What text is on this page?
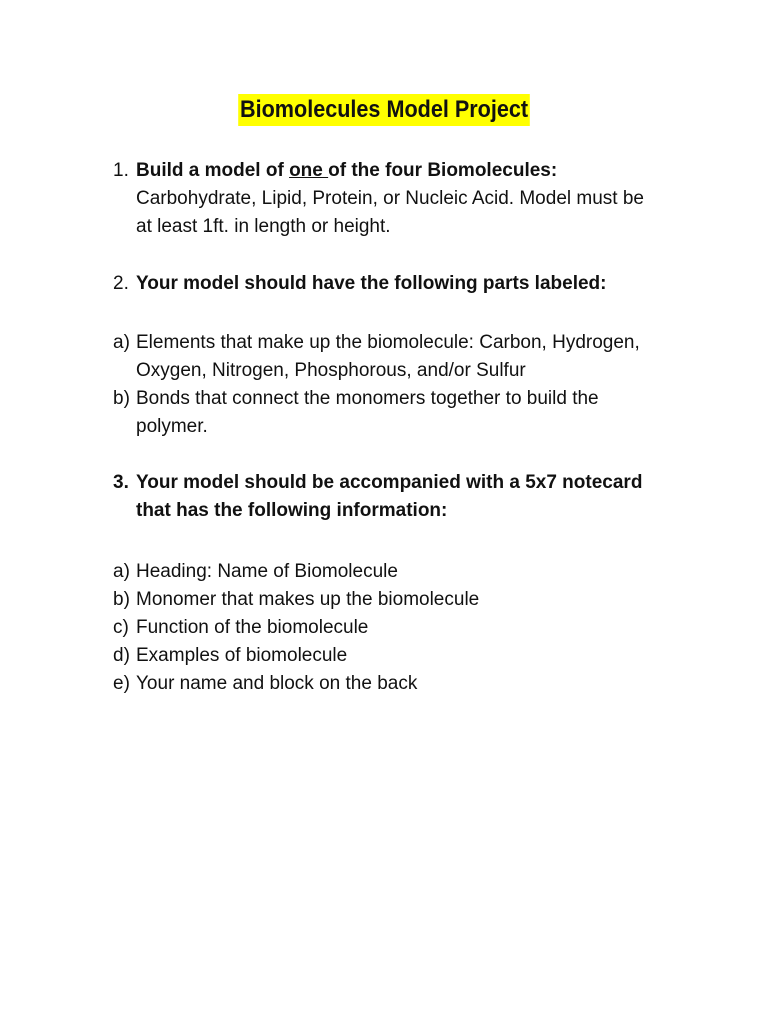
Biomolecules Model Project
1. Build a model of one of the four Biomolecules:
Carbohydrate, Lipid, Protein, or Nucleic Acid. Model must be
at least 1ft. in length or height.
2. Your model should have the following parts labeled:
a) Elements that make up the biomolecule: Carbon, Hydrogen,
Oxygen, Nitrogen, Phosphorous, and/or Sulfur
b) Bonds that connect the monomers together to build the
polymer.
3. Your model should be accompanied with a 5x7 notecard
that has the following information:
a) Heading: Name of Biomolecule
b) Monomer that makes up the biomolecule
c) Function of the biomolecule
d) Examples of biomolecule
e) Your name and block on the back
